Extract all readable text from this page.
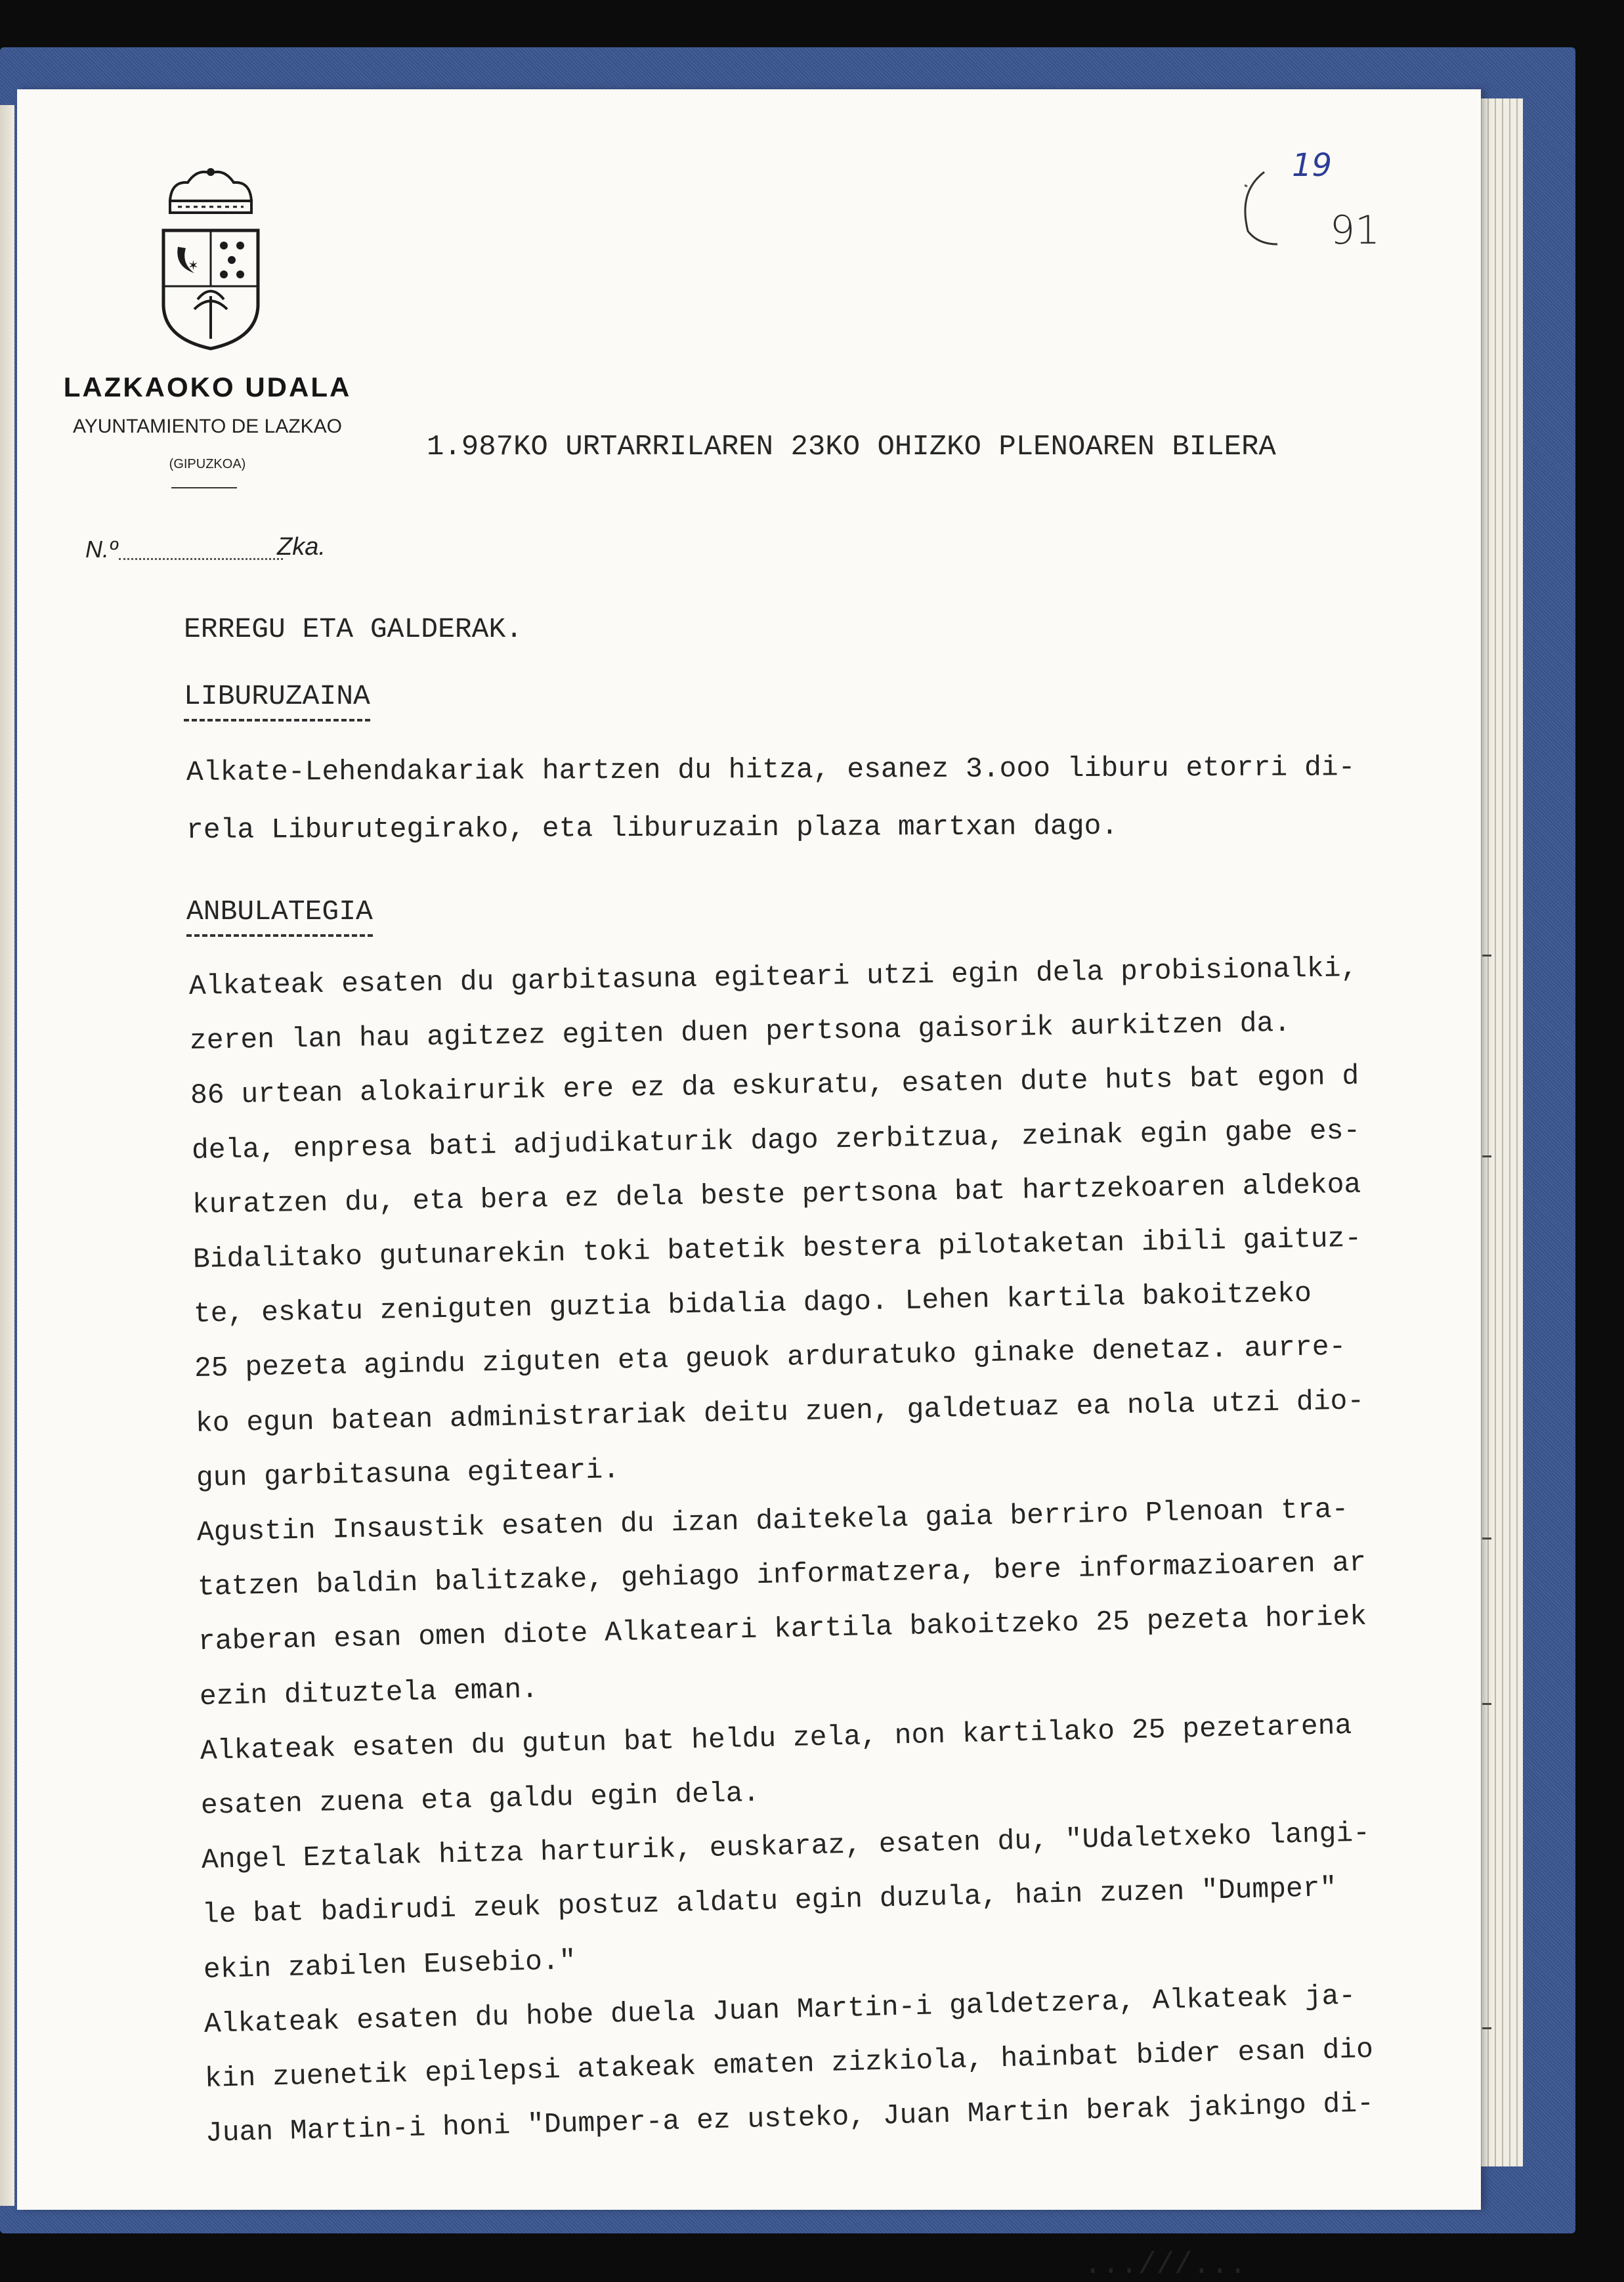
✶
LAZKAOKO UDALA
AYUNTAMIENTO DE LAZKAO
(GIPUZKOA)
N.º	Zka.
19
91
1.987KO URTARRILAREN 23KO OHIZKO PLENOAREN BILERA
ERREGU ETA GALDERAK.
LIBURUZAINA
Alkate-Lehendakariak hartzen du hitza, esanez 3.ooo liburu etorri di-
rela Liburutegirako, eta liburuzain plaza martxan dago.
ANBULATEGIA
Alkateak esaten du garbitasuna egiteari utzi egin dela probisionalki,
zeren lan hau agitzez egiten duen pertsona gaisorik aurkitzen da.
86 urtean alokairurik ere ez da eskuratu, esaten dute huts bat egon d
dela, enpresa bati adjudikaturik dago zerbitzua, zeinak egin gabe es-
kuratzen du, eta bera ez dela beste pertsona bat hartzekoaren aldekoa
Bidalitako gutunarekin toki batetik bestera pilotaketan ibili gaituz-
te, eskatu zeniguten guztia bidalia dago. Lehen kartila bakoitzeko
25 pezeta agindu ziguten eta geuok arduratuko ginake denetaz. aurre-
ko egun batean administrariak deitu zuen, galdetuaz ea nola utzi dio-
gun garbitasuna egiteari.
Agustin Insaustik esaten du izan daitekela gaia berriro Plenoan tra-
tatzen baldin balitzake, gehiago informatzera, bere informazioaren ar
raberan esan omen diote Alkateari kartila bakoitzeko 25 pezeta horiek
ezin dituztela eman.
Alkateak esaten du gutun bat heldu zela, non kartilako 25 pezetarena
esaten zuena eta galdu egin dela.
Angel Eztalak hitza harturik, euskaraz, esaten du, "Udaletxeko langi-
le bat badirudi zeuk postuz aldatu egin duzula, hain zuzen "Dumper"
ekin zabilen Eusebio."
Alkateak esaten du hobe duela Juan Martin-i galdetzera, Alkateak ja-
kin zuenetik epilepsi atakeak ematen zizkiola, hainbat bider esan dio
Juan Martin-i honi "Dumper-a ez usteko, Juan Martin berak jakingo di-
...///...
